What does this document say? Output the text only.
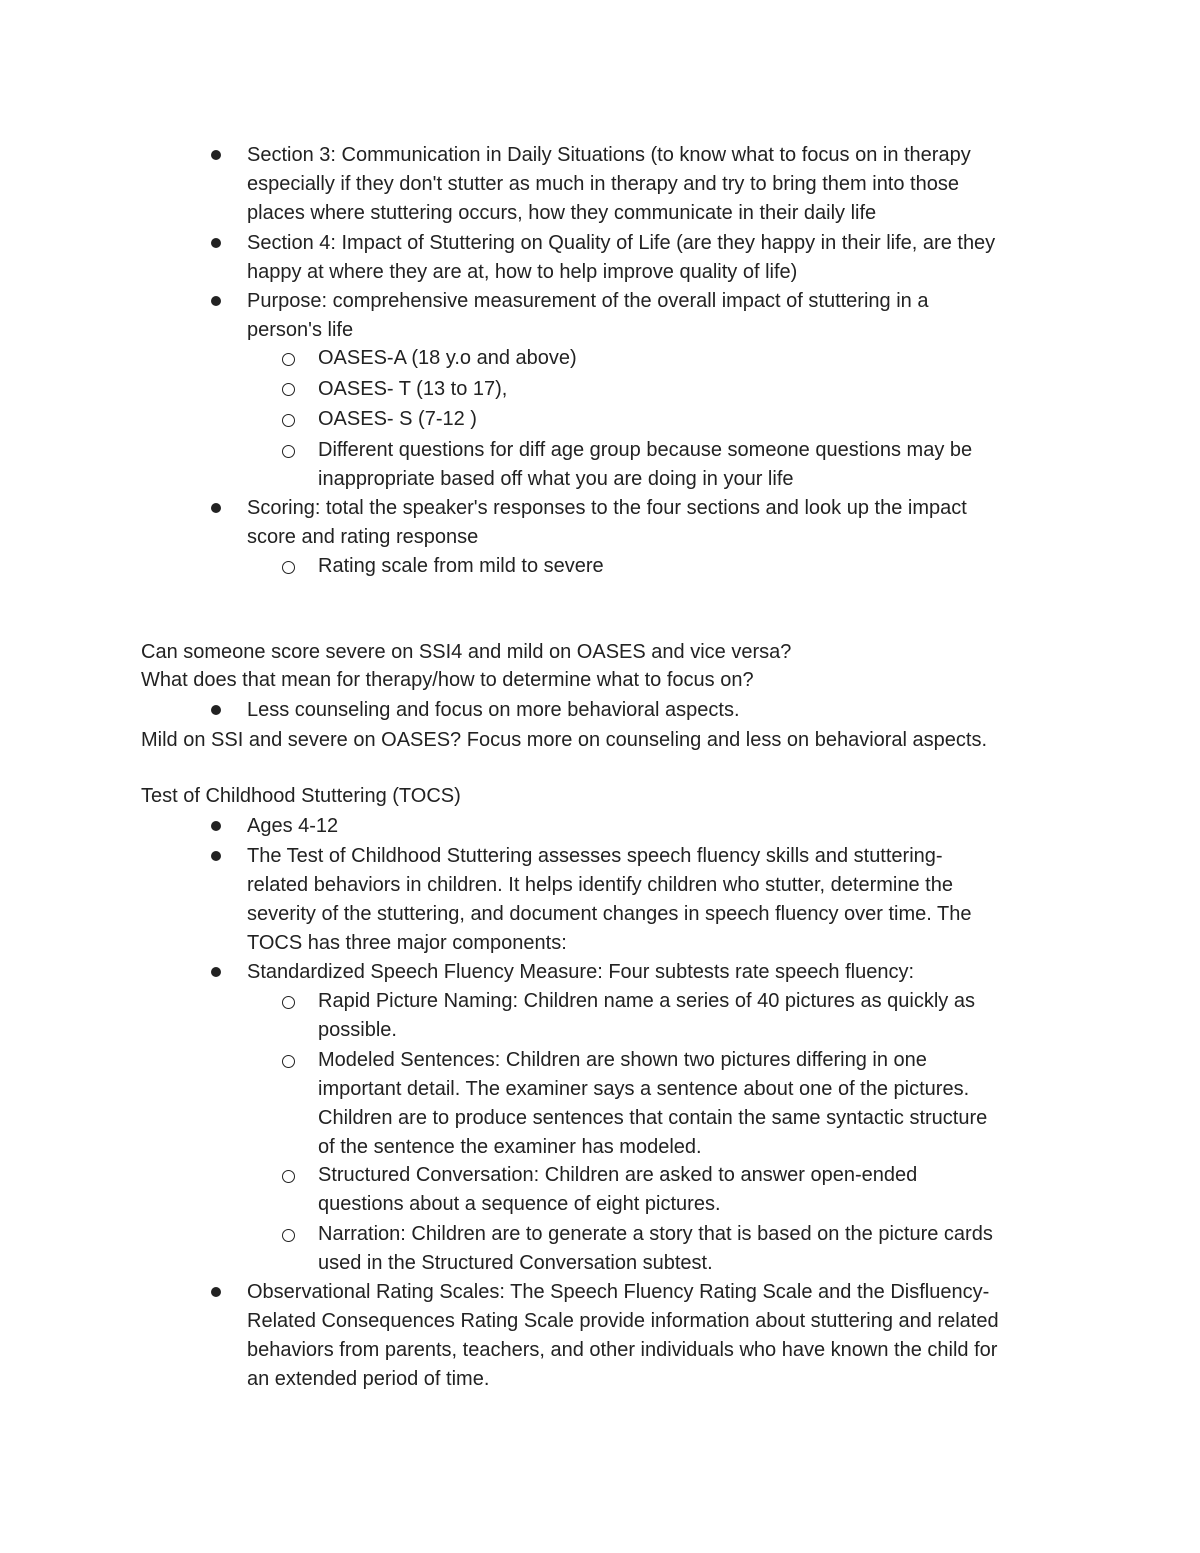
Section 3: Communication in Daily Situations (to know what to focus on in therapy
especially if they don't stutter as much in therapy and try to bring them into those
places where stuttering occurs, how they communicate in their daily life
Section 4: Impact of Stuttering on Quality of Life (are they happy in their life, are they
happy at where they are at, how to help improve quality of life)
Purpose: comprehensive measurement of the overall impact of stuttering in a
person's life
OASES-A (18 y.o and above)
OASES- T (13 to 17),
OASES- S (7-12 )
Different questions for diff age group because someone questions may be
inappropriate based off what you are doing in your life
Scoring: total the speaker's responses to the four sections and look up the impact
score and rating response
Rating scale from mild to severe
Can someone score severe on SSI4 and mild on OASES and vice versa?
What does that mean for therapy/how to determine what to focus on?
Less counseling and focus on more behavioral aspects.
Mild on SSI and severe on OASES? Focus more on counseling and less on behavioral aspects.
Test of Childhood Stuttering (TOCS)
Ages 4-12
The Test of Childhood Stuttering assesses speech fluency skills and stuttering-
related behaviors in children. It helps identify children who stutter, determine the
severity of the stuttering, and document changes in speech fluency over time. The
TOCS has three major components:
Standardized Speech Fluency Measure: Four subtests rate speech fluency:
Rapid Picture Naming: Children name a series of 40 pictures as quickly as
possible.
Modeled Sentences: Children are shown two pictures differing in one
important detail. The examiner says a sentence about one of the pictures.
Children are to produce sentences that contain the same syntactic structure
of the sentence the examiner has modeled.
Structured Conversation: Children are asked to answer open-ended
questions about a sequence of eight pictures.
Narration: Children are to generate a story that is based on the picture cards
used in the Structured Conversation subtest.
Observational Rating Scales: The Speech Fluency Rating Scale and the Disfluency-
Related Consequences Rating Scale provide information about stuttering and related
behaviors from parents, teachers, and other individuals who have known the child for
an extended period of time.
